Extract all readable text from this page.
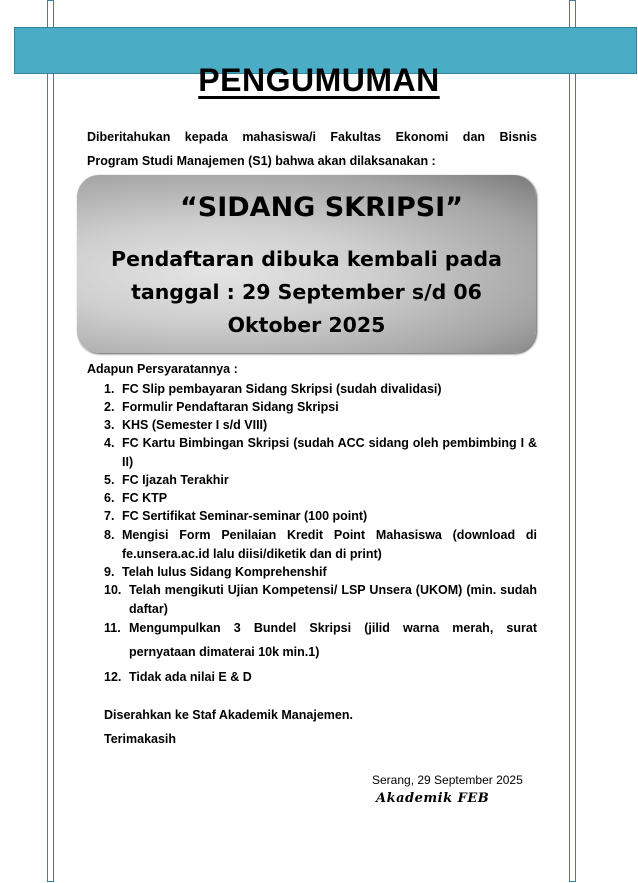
PENGUMUMAN
Diberitahukan kepada mahasiswa/i Fakultas Ekonomi dan Bisnis
Program Studi Manajemen (S1) bahwa akan dilaksanakan :
“SIDANG SKRIPSI”
Pendaftaran dibuka kembali pada
tanggal : 29 September s/d 06
Oktober 2025
Adapun Persyaratannya :
1. FC Slip pembayaran Sidang Skripsi (sudah divalidasi)
2. Formulir Pendaftaran Sidang Skripsi
3. KHS (Semester I s/d VIII)
4. FC Kartu Bimbingan Skripsi (sudah ACC sidang oleh pembimbing I & II)
5. FC Ijazah Terakhir
6. FC KTP
7. FC Sertifikat Seminar-seminar (100 point)
8. Mengisi Form Penilaian Kredit Point Mahasiswa (download di fe.unsera.ac.id lalu diisi/diketik dan di print)
9. Telah lulus Sidang Komprehenshif
10. Telah mengikuti Ujian Kompetensi/ LSP Unsera (UKOM) (min. sudah daftar)
11. Mengumpulkan 3 Bundel Skripsi (jilid warna merah, surat pernyataan dimaterai 10k min.1)
12. Tidak ada nilai E & D
Diserahkan ke Staf Akademik Manajemen.
Terimakasih
Serang, 29 September 2025
Akademik FEB
